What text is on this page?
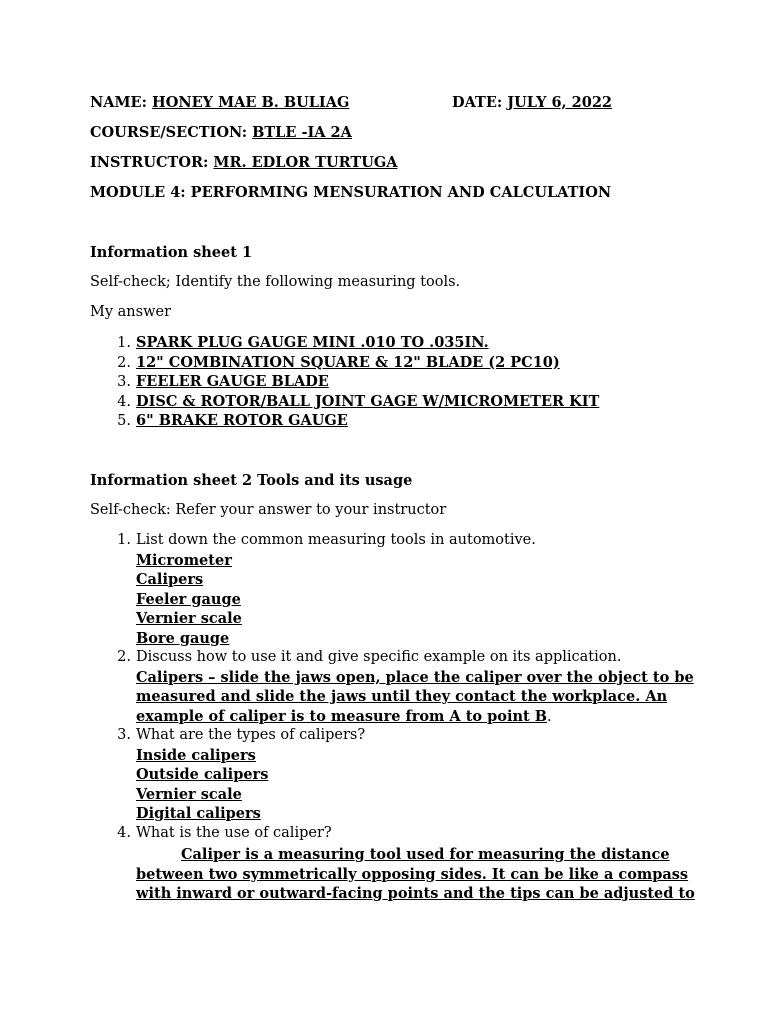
NAME: HONEY MAE B. BULIAG	DATE: JULY 6, 2022
COURSE/SECTION: BTLE -IA 2A
INSTRUCTOR: MR. EDLOR TURTUGA
MODULE 4: PERFORMING MENSURATION AND CALCULATION
Information sheet 1
Self-check; Identify the following measuring tools.
My answer
1. SPARK PLUG GAUGE MINI .010 TO .035IN.
2. 12" COMBINATION SQUARE & 12" BLADE (2 PC10)
3. FEELER GAUGE BLADE
4. DISC & ROTOR/BALL JOINT GAGE W/MICROMETER KIT
5. 6" BRAKE ROTOR GAUGE
Information sheet 2 Tools and its usage
Self-check: Refer your answer to your instructor
1. List down the common measuring tools in automotive.
Micrometer
Calipers
Feeler gauge
Vernier scale
Bore gauge
2. Discuss how to use it and give specific example on its application.
Calipers – slide the jaws open, place the caliper over the object to be
measured and slide the jaws until they contact the workplace. An
example of caliper is to measure from A to point B.
3. What are the types of calipers?
Inside calipers
Outside calipers
Vernier scale
Digital calipers
4. What is the use of caliper?
Caliper is a measuring tool used for measuring the distance
between two symmetrically opposing sides. It can be like a compass
with inward or outward-facing points and the tips can be adjusted to
